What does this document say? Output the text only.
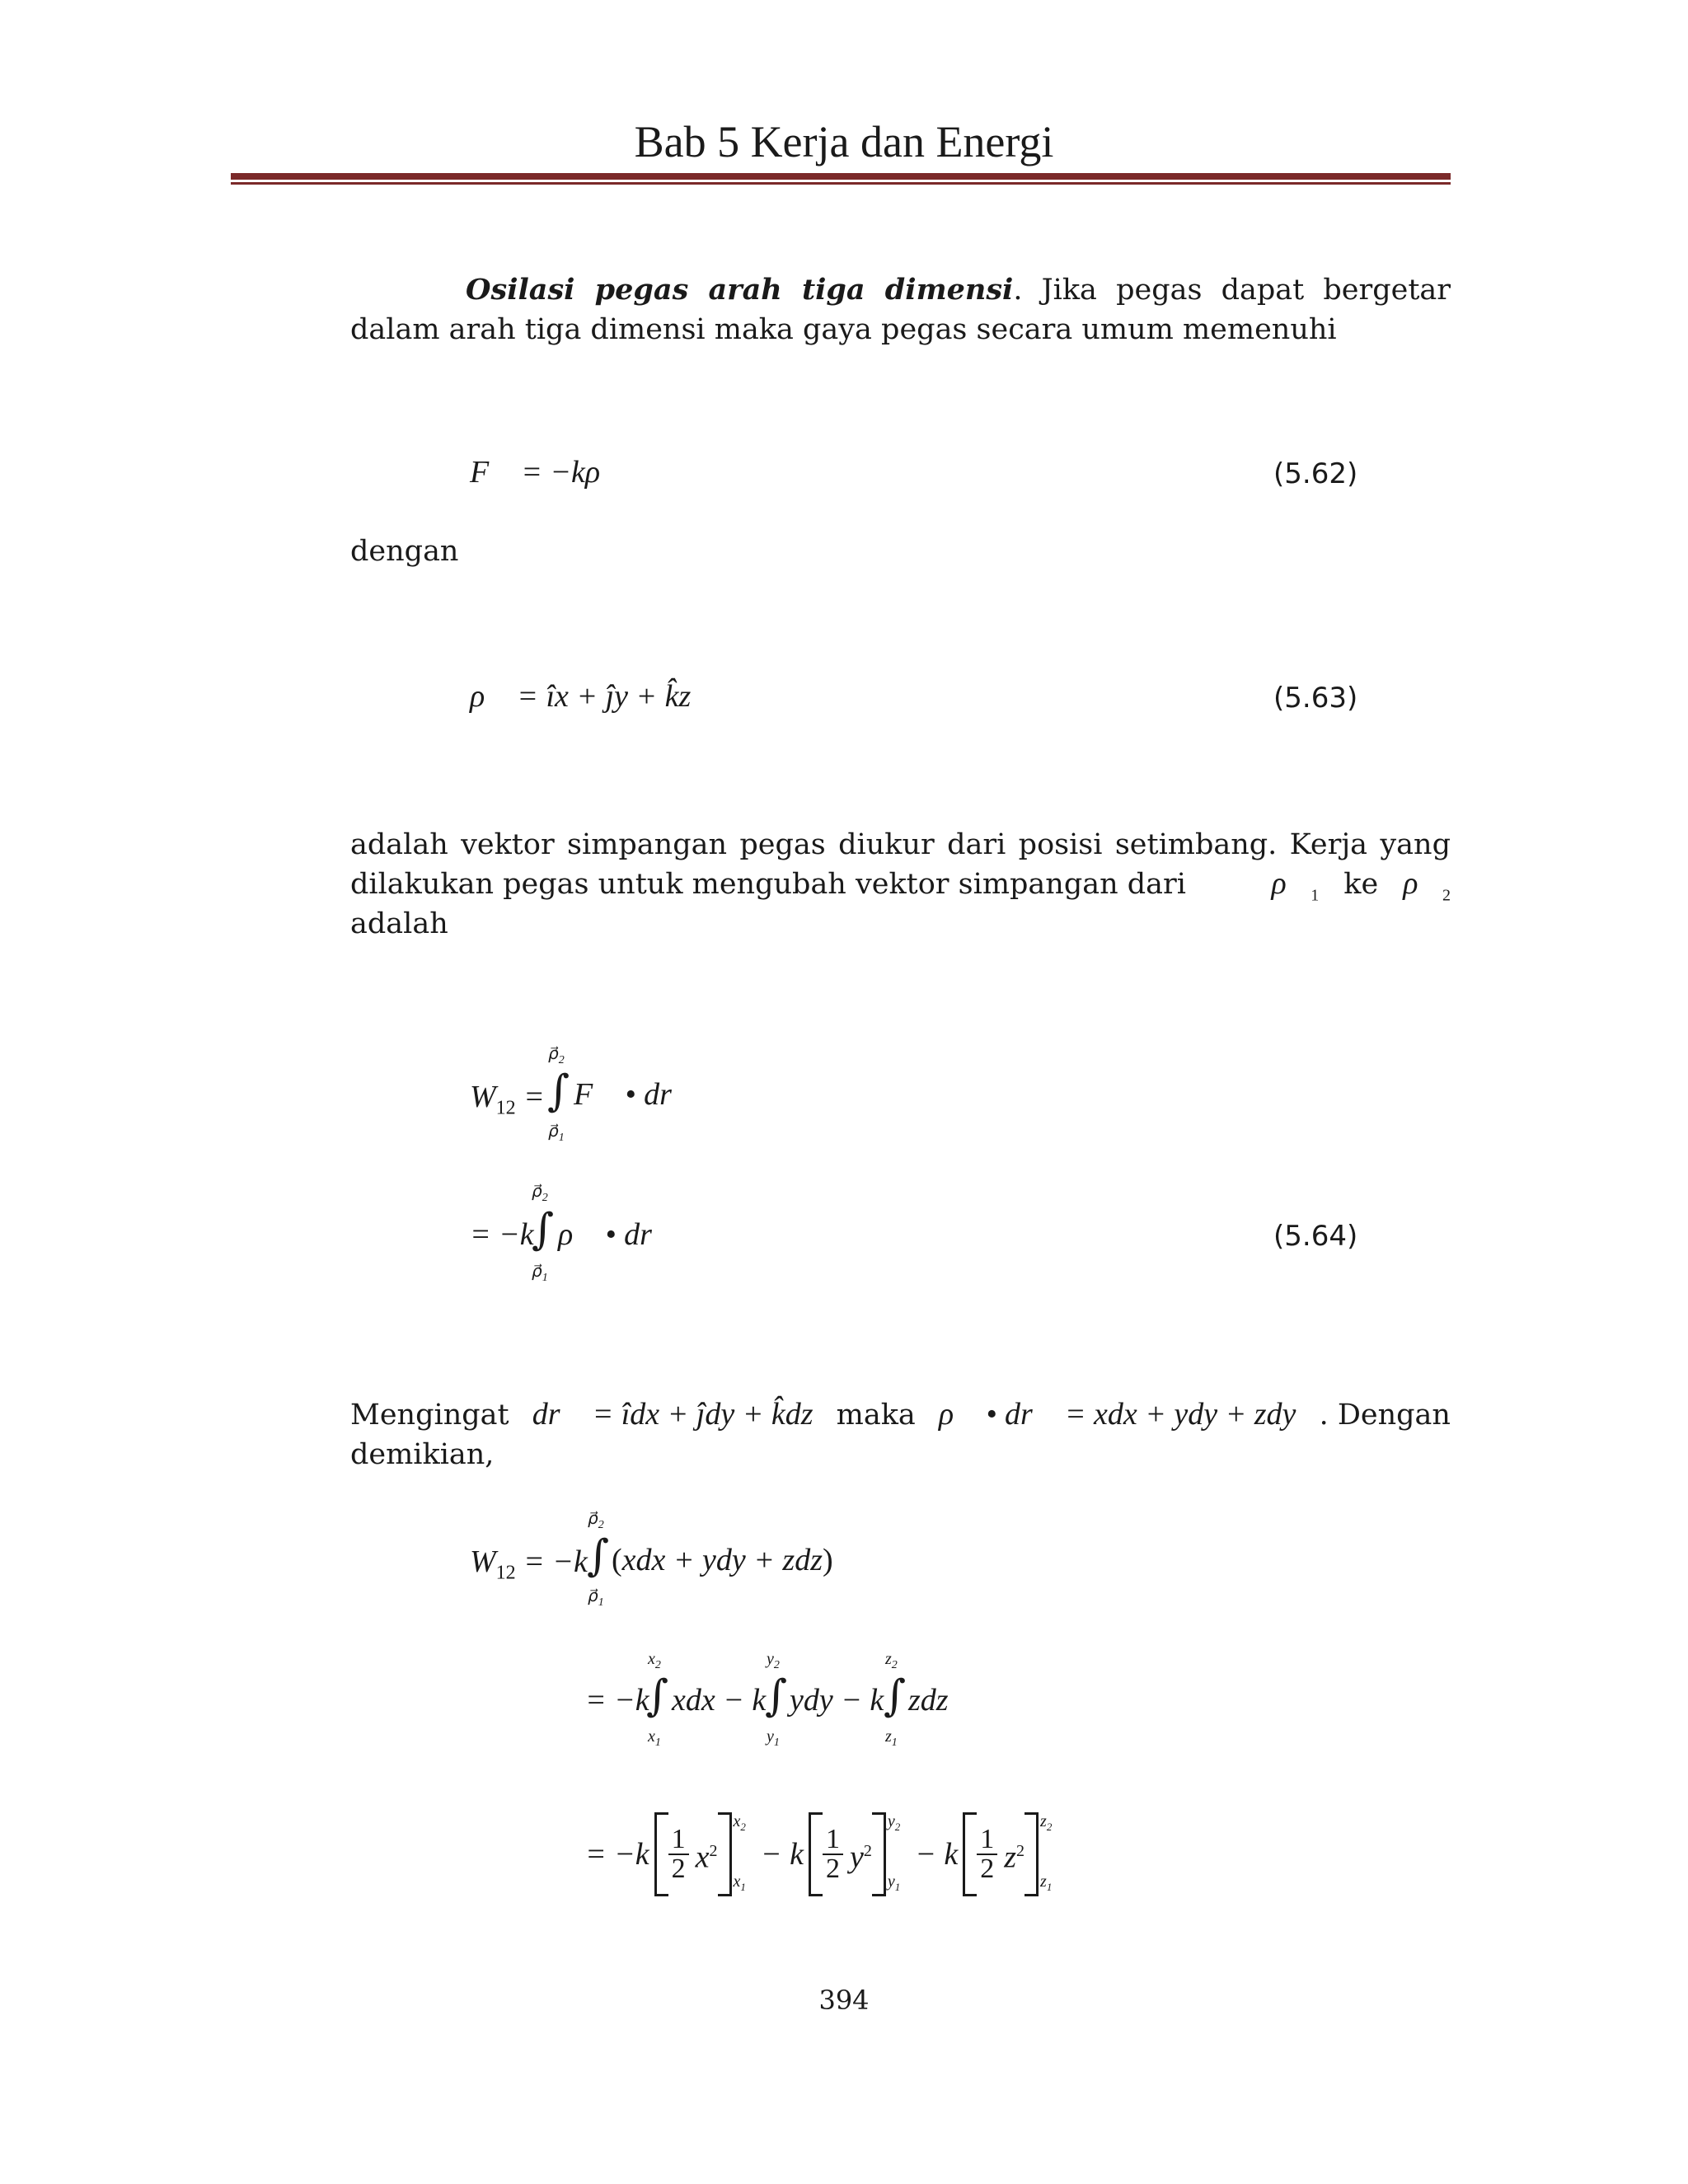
Bab 5 Kerja dan Energi
Osilasi pegas arah tiga dimensi. Jika pegas dapat bergetar
dalam arah tiga dimensi maka gaya pegas secara umum memenuhi
F⃗ = −kρ⃗	(5.62)
dengan
ρ⃗ = îx + ĵy + k̂z	(5.63)
adalah vektor simpangan pegas diukur dari posisi setimbang. Kerja yang
dilakukan pegas untuk mengubah vektor simpangan dari	$\rho⃗_1$ ke $\rho⃗_2$
adalah
$W_{12}$ =
$\rho⃗_2$
∫
$\rho⃗_1$
F⃗ • dr⃗
= −k
$\rho⃗_2$
∫
$\rho⃗_1$
ρ⃗ • dr⃗	(5.64)
Mengingat dr⃗ = îdx + ĵdy + k̂dz maka ρ⃗ • dr⃗ = xdx + ydy + zdy . Dengan
demikian,
$W_{12} = -k$
$\rho⃗_2$
∫
$\rho⃗_1$
(xdx + ydy + zdz)
= −k
$x_2$
∫
$x_1$
xdx − k
$y_2$
∫
$y_1$
ydy − k
$z_2$
∫
$z_1$
zdz
= $-k \frac{1}{2} x^2$
$x_2$
$x_1$
− k $\frac{1}{2} y^2$
$y_2$
$y_1$
− k $\frac{1}{2} z^2$
$z_2$
$z_1$
394
